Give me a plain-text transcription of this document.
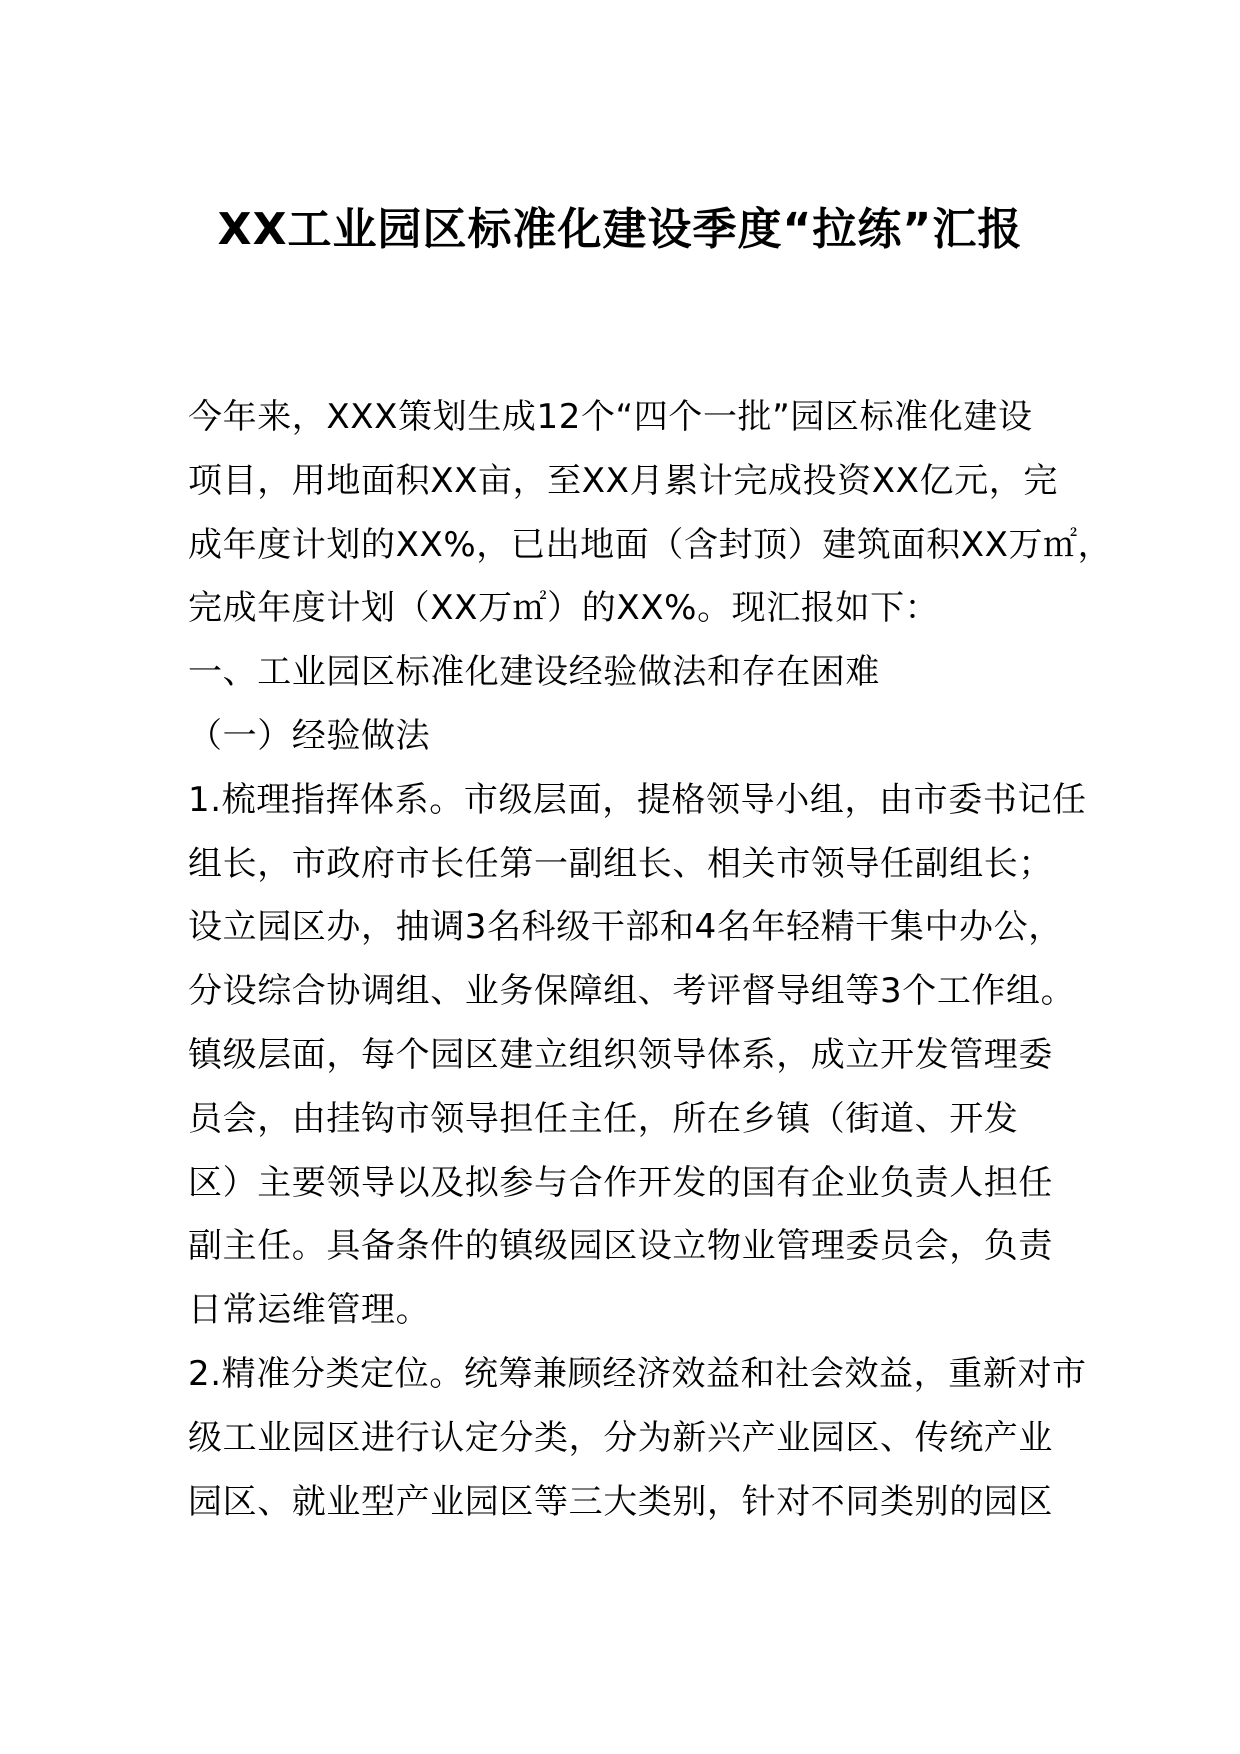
XX工业园区标准化建设季度“拉练”汇报
今年来，XXX策划生成12个“四个一批”园区标准化建设
项目，用地面积XX亩，至XX月累计完成投资XX亿元，完
成年度计划的XX%，已出地面（含封顶）建筑面积XX万㎡，
完成年度计划（XX万㎡）的XX%。现汇报如下：
一、工业园区标准化建设经验做法和存在困难
（一）经验做法
1.梳理指挥体系。市级层面，提格领导小组，由市委书记任
组长，市政府市长任第一副组长、相关市领导任副组长；
设立园区办，抽调3名科级干部和4名年轻精干集中办公，
分设综合协调组、业务保障组、考评督导组等3个工作组。
镇级层面，每个园区建立组织领导体系，成立开发管理委
员会，由挂钩市领导担任主任，所在乡镇（街道、开发
区）主要领导以及拟参与合作开发的国有企业负责人担任
副主任。具备条件的镇级园区设立物业管理委员会，负责
日常运维管理。
2.精准分类定位。统筹兼顾经济效益和社会效益，重新对市
级工业园区进行认定分类，分为新兴产业园区、传统产业
园区、就业型产业园区等三大类别，针对不同类别的园区
